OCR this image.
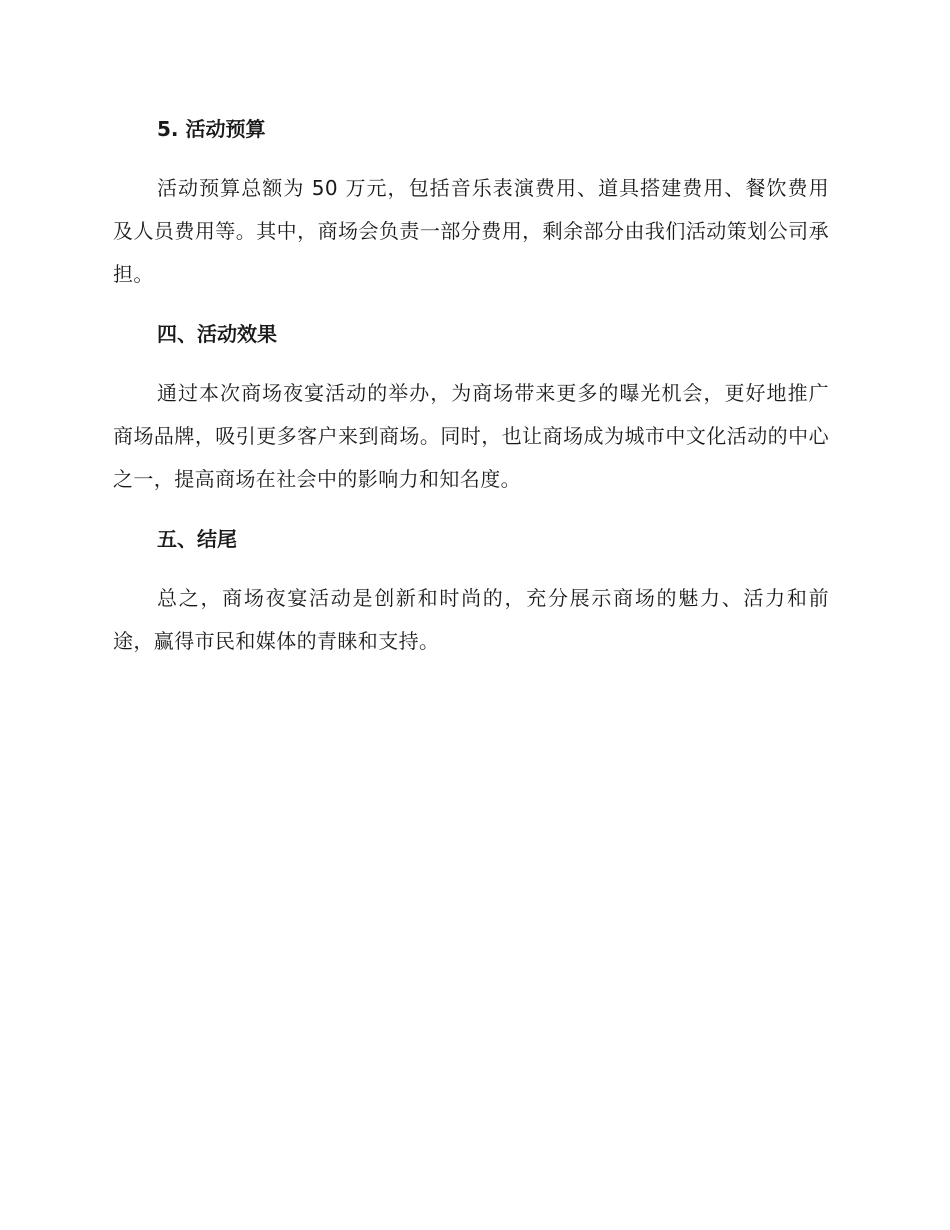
5. 活动预算

活动预算总额为 50 万元，包括音乐表演费用、道具搭建费用、餐饮费用及人员费用等。其中，商场会负责一部分费用，剩余部分由我们活动策划公司承担。

四、活动效果

通过本次商场夜宴活动的举办，为商场带来更多的曝光机会，更好地推广商场品牌，吸引更多客户来到商场。同时，也让商场成为城市中文化活动的中心之一，提高商场在社会中的影响力和知名度。

五、结尾

总之，商场夜宴活动是创新和时尚的，充分展示商场的魅力、活力和前途，赢得市民和媒体的青睐和支持。
